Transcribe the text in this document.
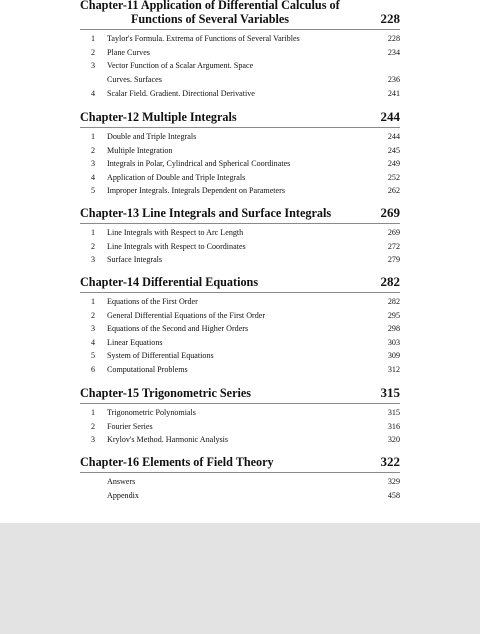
Chapter-11 Application of Differential Calculus of
Functions of Several Variables	228
1	Taylor's Formula. Extrema of Functions of Several Varibles	228
2	Plane Curves	234
3	Vector Function of a Scalar Argument. Space
Curves. Surfaces	236
4	Scalar Field. Gradient. Directional Derivative	241
Chapter-12 Multiple Integrals	244
1	Double and Triple Integrals	244
2	Multiple Integration	245
3	Integrals in Polar, Cylindrical and Spherical Coordinates	249
4	Application of Double and Triple Integrals	252
5	Improper Integrals. Integrals Dependent on Parameters	262
Chapter-13 Line Integrals and Surface Integrals	269
1	Line Integrals with Respect to Arc Length	269
2	Line Integrals with Respect to Coordinates	272
3	Surface Integrals	279
Chapter-14 Differential Equations	282
1	Equations of the First Order	282
2	General Differential Equations of the First Order	295
3	Equations of the Second and Higher Orders	298
4	Linear Equations	303
5	System of Differential Equations	309
6	Computational Problems	312
Chapter-15 Trigonometric Series	315
1	Trigonometric Polynomials	315
2	Fourier Series	316
3	Krylov's Method. Harmonic Analysis	320
Chapter-16 Elements of Field Theory	322
Answers	329
Appendix	458
